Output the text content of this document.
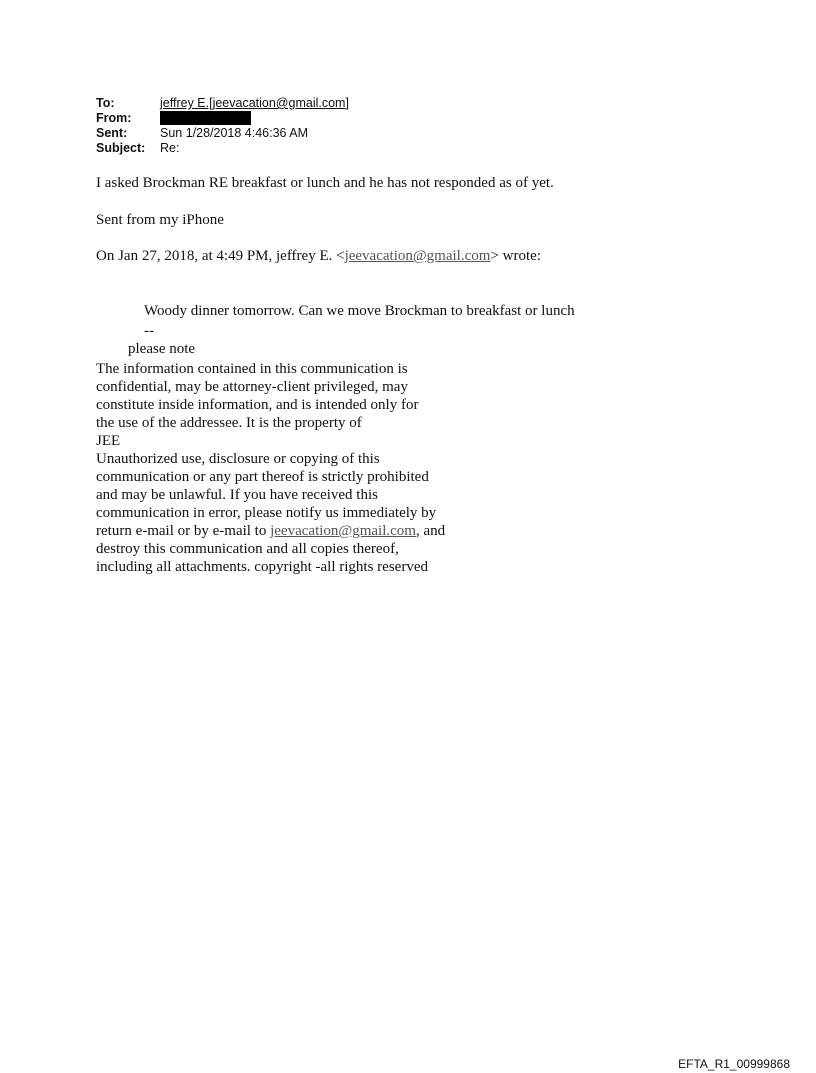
To:	jeffrey E.[jeevacation@gmail.com]
From:
Sent:	Sun 1/28/2018 4:46:36 AM
Subject:	Re:
I asked Brockman RE breakfast or lunch and he has not responded as of yet.
Sent from my iPhone
On Jan 27, 2018, at 4:49 PM, jeffrey E. <jeevacation@gmail.com> wrote:
Woody dinner tomorrow. Can we move Brockman to breakfast or lunch
--
please note
The information contained in this communication is
confidential, may be attorney-client privileged, may
constitute inside information, and is intended only for
the use of the addressee. It is the property of
JEE
Unauthorized use, disclosure or copying of this
communication or any part thereof is strictly prohibited
and may be unlawful. If you have received this
communication in error, please notify us immediately by
return e-mail or by e-mail to jeevacation@gmail.com, and
destroy this communication and all copies thereof,
including all attachments. copyright -all rights reserved
EFTA_R1_00999868
